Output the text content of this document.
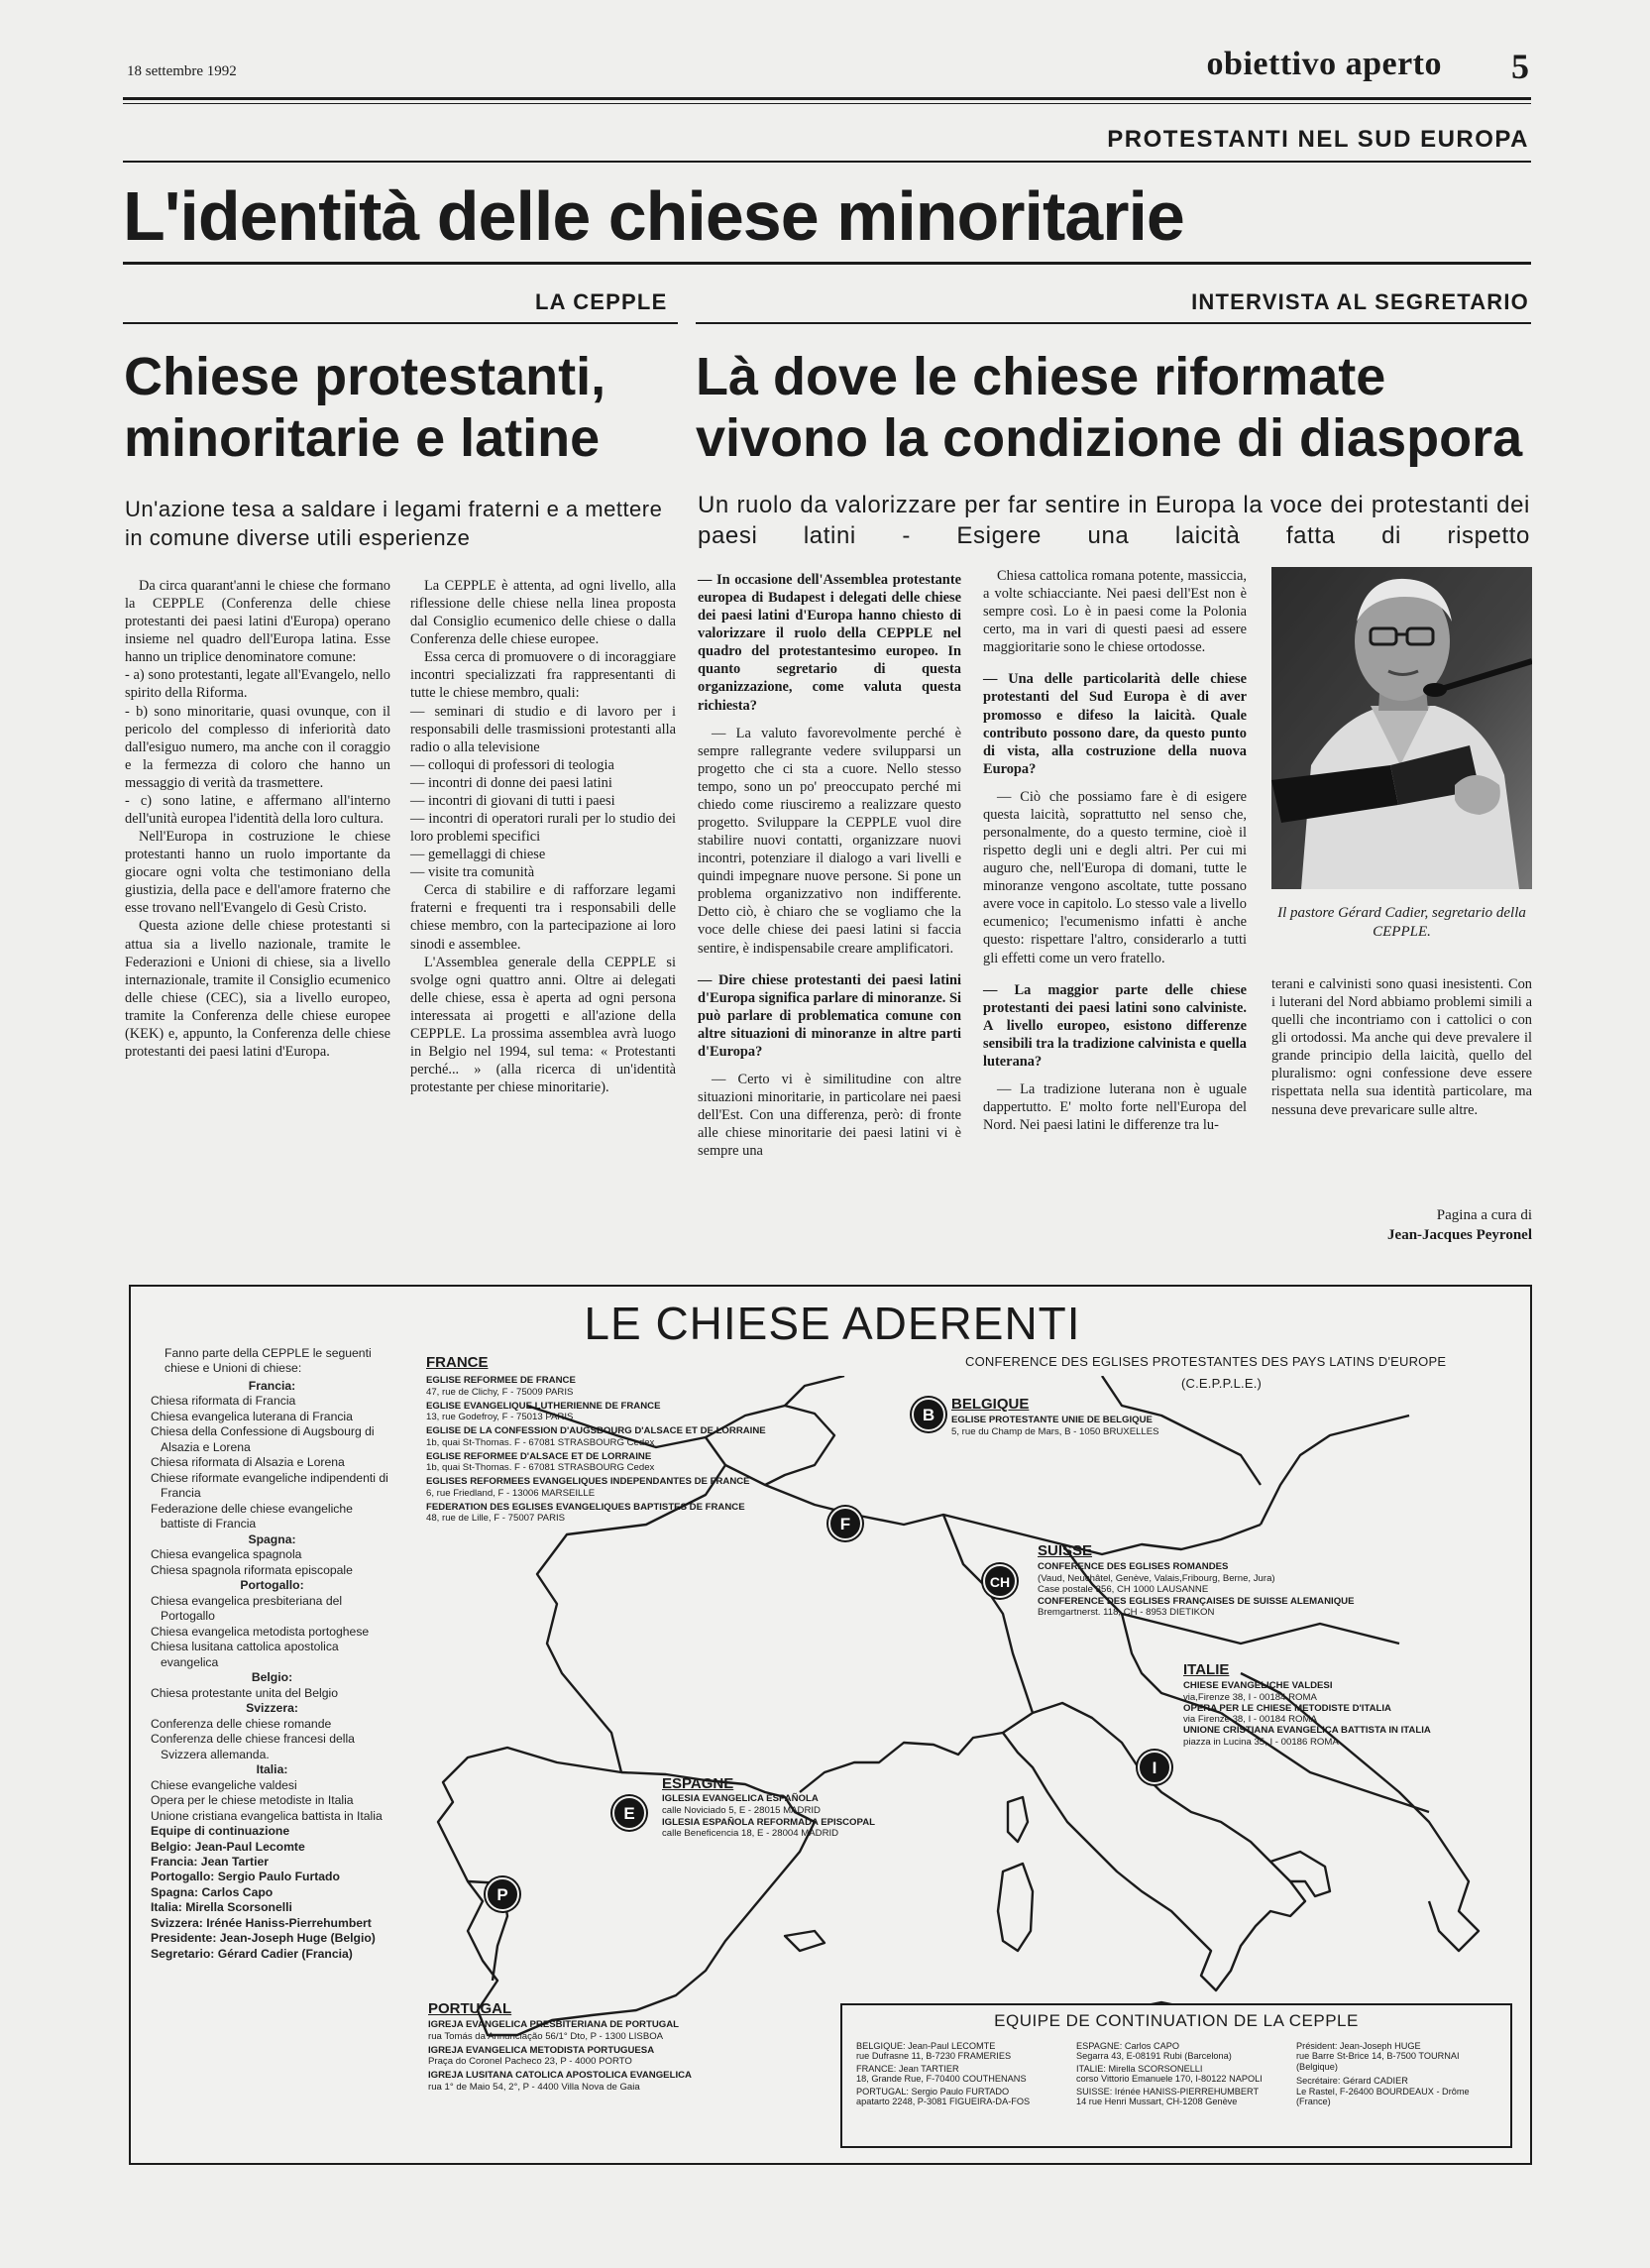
18 settembre 1992	obiettivo aperto 5
PROTESTANTI NEL SUD EUROPA
L'identità delle chiese minoritarie
LA CEPPLE	INTERVISTA AL SEGRETARIO
Chiese protestanti,
minoritarie e latine
Là dove le chiese riformate
vivono la condizione di diaspora
Un'azione tesa a saldare i legami fraterni e a mettere in comune diverse utili esperienze
Un ruolo da valorizzare per far sentire in Europa la voce dei protestanti dei paesi latini - Esigere una laicità fatta di rispetto

Da circa quarant'anni le chiese che formano la CEPPLE (Conferenza delle chiese protestanti dei paesi latini d'Europa) operano insieme nel quadro dell'Europa latina. Esse hanno un triplice denominatore comune:

- a) sono protestanti, legate all'Evangelo, nello spirito della Riforma.

- b) sono minoritarie, quasi ovunque, con il pericolo del complesso di inferiorità dato dall'esiguo numero, ma anche con il coraggio e la fermezza di coloro che hanno un messaggio di verità da trasmettere.

- c) sono latine, e affermano all'interno dell'unità europea l'identità della loro cultura.

Nell'Europa in costruzione le chiese protestanti hanno un ruolo importante da giocare ogni volta che testimoniano della giustizia, della pace e dell'amore fraterno che esse trovano nell'Evangelo di Gesù Cristo.

Questa azione delle chiese protestanti si attua sia a livello nazionale, tramite le Federazioni e Unioni di chiese, sia a livello internazionale, tramite il Consiglio ecumenico delle chiese (CEC), sia a livello europeo, tramite la Conferenza delle chiese europee (KEK) e, appunto, la Conferenza delle chiese protestanti dei paesi latini d'Europa.

La CEPPLE è attenta, ad ogni livello, alla riflessione delle chiese nella linea proposta dal Consiglio ecumenico delle chiese o dalla Conferenza delle chiese europee.

Essa cerca di promuovere o di incoraggiare incontri specializzati fra rappresentanti di tutte le chiese membro, quali:

— seminari di studio e di lavoro per i responsabili delle trasmissioni protestanti alla radio o alla televisione

— colloqui di professori di teologia

— incontri di donne dei paesi latini

— incontri di giovani di tutti i paesi

— incontri di operatori rurali per lo studio dei loro problemi specifici

— gemellaggi di chiese

— visite tra comunità

Cerca di stabilire e di rafforzare legami fraterni e frequenti tra i responsabili delle chiese membro, con la partecipazione ai loro sinodi e assemblee.

L'Assemblea generale della CEPPLE si svolge ogni quattro anni. Oltre ai delegati delle chiese, essa è aperta ad ogni persona interessata ai progetti e all'azione della CEPPLE. La prossima assemblea avrà luogo in Belgio nel 1994, sul tema: « Protestanti perché... » (alla ricerca di un'identità protestante per chiese minoritarie).

— In occasione dell'Assemblea protestante europea di Budapest i delegati delle chiese dei paesi latini d'Europa hanno chiesto di valorizzare il ruolo della CEPPLE nel quadro del protestantesimo europeo. In quanto segretario di questa organizzazione, come valuta questa richiesta?

— La valuto favorevolmente perché è sempre rallegrante vedere svilupparsi un progetto che ci sta a cuore. Nello stesso tempo, sono un po' preoccupato perché mi chiedo come riusciremo a realizzare questo progetto. Sviluppare la CEPPLE vuol dire stabilire nuovi contatti, organizzare nuovi incontri, potenziare il dialogo a vari livelli e quindi impegnare nuove persone. Si pone un problema organizzativo non indifferente. Detto ciò, è chiaro che se vogliamo che la voce delle chiese dei paesi latini si faccia sentire, è indispensabile creare amplificatori.

— Dire chiese protestanti dei paesi latini d'Europa significa parlare di minoranze. Si può parlare di problematica comune con altre situazioni di minoranze in altre parti d'Europa?

— Certo vi è similitudine con altre situazioni minoritarie, in particolare nei paesi dell'Est. Con una differenza, però: di fronte alle chiese minoritarie dei paesi latini vi è sempre una

Chiesa cattolica romana potente, massiccia, a volte schiacciante. Nei paesi dell'Est non è sempre così. Lo è in paesi come la Polonia certo, ma in vari di questi paesi ad essere maggioritarie sono le chiese ortodosse.

— Una delle particolarità delle chiese protestanti del Sud Europa è di aver promosso e difeso la laicità. Quale contributo possono dare, da questo punto di vista, alla costruzione della nuova Europa?

— Ciò che possiamo fare è di esigere questa laicità, soprattutto nel senso che, personalmente, do a questo termine, cioè il rispetto degli uni e degli altri. Per cui mi auguro che, nell'Europa di domani, tutte le minoranze vengono ascoltate, tutte possano avere voce in capitolo. Lo stesso vale a livello ecumenico; l'ecumenismo infatti è anche questo: rispettare l'altro, considerarlo a tutti gli effetti come un vero fratello.

— La maggior parte delle chiese protestanti dei paesi latini sono calviniste. A livello europeo, esistono differenze sensibili tra la tradizione calvinista e quella luterana?

— La tradizione luterana non è uguale dappertutto. E' molto forte nell'Europa del Nord. Nei paesi latini le differenze tra lu-

Il pastore Gérard Cadier, segretario della CEPPLE.

terani e calvinisti sono quasi inesistenti. Con i luterani del Nord abbiamo problemi simili a quelli che incontriamo con i cattolici o con gli ortodossi. Ma anche qui deve prevalere il grande principio della laicità, quello del pluralismo: ogni confessione deve essere rispettata nella sua identità particolare, ma nessuna deve prevaricare sulle altre.

Pagina a cura di
Jean-Jacques Peyronel
LE CHIESE ADERENTI
Fanno parte della CEPPLE le seguenti chiese e Unioni di chiese:
Francia:
Chiesa riformata di Francia
Chiesa evangelica luterana di Francia
Chiesa della Confessione di Augsbourg di Alsazia e Lorena
Chiesa riformata di Alsazia e Lorena
Chiese riformate evangeliche indipendenti di Francia
Federazione delle chiese evangeliche battiste di Francia
Spagna:
Chiesa evangelica spagnola
Chiesa spagnola riformata episcopale
Portogallo:
Chiesa evangelica presbiteriana del Portogallo
Chiesa evangelica metodista portoghese
Chiesa lusitana cattolica apostolica evangelica
Belgio:
Chiesa protestante unita del Belgio
Svizzera:
Conferenza delle chiese romande
Conferenza delle chiese francesi della Svizzera allemanda.
Italia:
Chiese evangeliche valdesi
Opera per le chiese metodiste in Italia
Unione cristiana evangelica battista in Italia
Equipe di continuazione
Belgio: Jean-Paul Lecomte
Francia: Jean Tartier
Portogallo: Sergio Paulo Furtado
Spagna: Carlos Capo
Italia: Mirella Scorsonelli
Svizzera: Irénée Haniss-Pierrehumbert
Presidente: Jean-Joseph Huge (Belgio)
Segretario: Gérard Cadier (Francia)
CONFERENCE DES EGLISES PROTESTANTES DES PAYS LATINS D'EUROPE
(C.E.P.P.L.E.)
FRANCE
EGLISE REFORMEE DE FRANCE
47, rue de Clichy, F - 75009 PARIS
EGLISE EVANGELIQUE LUTHERIENNE DE FRANCE
13, rue Godefroy, F - 75013 PARIS
EGLISE DE LA CONFESSION D'AUGSBOURG D'ALSACE ET DE LORRAINE
1b, quai St-Thomas. F - 67081 STRASBOURG Cedex
EGLISE REFORMEE D'ALSACE ET DE LORRAINE
1b, quai St-Thomas. F - 67081 STRASBOURG Cedex
EGLISES REFORMEES EVANGELIQUES INDEPENDANTES DE FRANCE
6, rue Friedland, F - 13006 MARSEILLE
FEDERATION DES EGLISES EVANGELIQUES BAPTISTES DE FRANCE
48, rue de Lille, F - 75007 PARIS
B
BELGIQUE
EGLISE PROTESTANTE UNIE DE BELGIQUE
5, rue du Champ de Mars, B - 1050 BRUXELLES
F
CH
SUISSE
CONFERENCE DES EGLISES ROMANDES
(Vaud, Neuchâtel, Genève, Valais,Fribourg, Berne, Jura)
Case postale 356, CH 1000 LAUSANNE
CONFERENCE DES EGLISES FRANÇAISES DE SUISSE ALEMANIQUE
Bremgartnerst. 118, CH - 8953 DIETIKON
ITALIE
CHIESE EVANGELICHE VALDESI
via,Firenze 38, I - 00184 ROMA
OPERA PER LE CHIESE METODISTE D'ITALIA
via Firenze 38, I - 00184 ROMA
UNIONE CRISTIANA EVANGELICA BATTISTA IN ITALIA
piazza in Lucina 35, I - 00186 ROMA
I
ESPAGNE
IGLESIA EVANGELICA ESPAÑOLA
calle Noviciado 5, E - 28015 MADRID
IGLESIA ESPAÑOLA REFORMADA EPISCOPAL
calle Beneficencia 18, E - 28004 MADRID
E
P
PORTUGAL
IGREJA EVANGELICA PRESBITERIANA DE PORTUGAL
rua Tomás da Annunciação 56/1° Dto, P - 1300 LISBOA
IGREJA EVANGELICA METODISTA PORTUGUESA
Praça do Coronel Pacheco 23, P - 4000 PORTO
IGREJA LUSITANA CATOLICA APOSTOLICA EVANGELICA
rua 1° de Maio 54, 2°, P - 4400 Villa Nova de Gaia
EQUIPE DE CONTINUATION DE LA CEPPLE
BELGIQUE: Jean-Paul LECOMTE
rue Dufrasne 11, B-7230 FRAMERIES
FRANCE: Jean TARTIER
18, Grande Rue, F-70400 COUTHENANS
PORTUGAL: Sergio Paulo FURTADO
apatarto 2248, P-3081 FIGUEIRA-DA-FOS
ESPAGNE: Carlos CAPO
Segarra 43, E-08191 Rubi (Barcelona)
ITALIE: Mirella SCORSONELLI
corso Vittorio Emanuele 170, I-80122 NAPOLI
SUISSE: Irénée HANISS-PIERREHUMBERT
14 rue Henri Mussart, CH-1208 Genève
Président: Jean-Joseph HUGE
rue Barre St-Brice 14, B-7500 TOURNAI
(Belgique)
Secrétaire: Gérard CADIER
Le Rastel, F-26400 BOURDEAUX - Drôme
(France)
